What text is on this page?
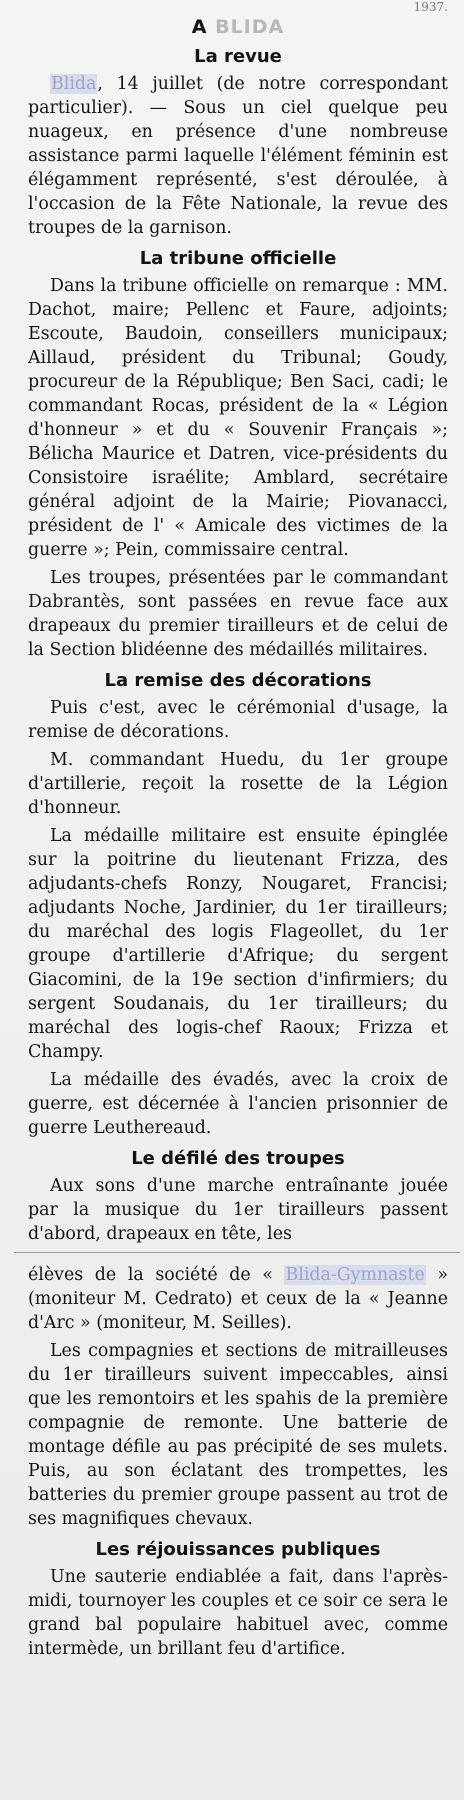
1937.
A BLIDA
La revue

Blida, 14 juillet (de notre correspondant particulier). — Sous un ciel quelque peu nuageux, en présence d'une nombreuse assistance parmi laquelle l'élément féminin est élégamment représenté, s'est déroulée, à l'occasion de la Fête Nationale, la revue des troupes de la garnison.

La tribune officielle

Dans la tribune officielle on remarque : MM. Dachot, maire; Pellenc et Faure, adjoints; Escoute, Baudoin, conseillers municipaux; Aillaud, président du Tribunal; Goudy, procureur de la République; Ben Saci, cadi; le commandant Rocas, président de la « Légion d'honneur » et du « Souvenir Français »; Bélicha Maurice et Datren, vice-présidents du Consistoire israélite; Amblard, secrétaire général adjoint de la Mairie; Piovanacci, président de l' « Amicale des victimes de la guerre »; Pein, commissaire central.

Les troupes, présentées par le commandant Dabrantès, sont passées en revue face aux drapeaux du premier tirailleurs et de celui de la Section blidéenne des médaillés militaires.

La remise des décorations

Puis c'est, avec le cérémonial d'usage, la remise de décorations.

M. commandant Huedu, du 1er groupe d'artillerie, reçoit la rosette de la Légion d'honneur.

La médaille militaire est ensuite épinglée sur la poitrine du lieutenant Frizza, des adjudants-chefs Ronzy, Nougaret, Francisi; adjudants Noche, Jardinier, du 1er tirailleurs; du maréchal des logis Flageollet, du 1er groupe d'artillerie d'Afrique; du sergent Giacomini, de la 19e section d'infirmiers; du sergent Soudanais, du 1er tirailleurs; du maréchal des logis-chef Raoux; Frizza et Champy.

La médaille des évadés, avec la croix de guerre, est décernée à l'ancien prisonnier de guerre Leuthereaud.

Le défilé des troupes

Aux sons d'une marche entraînante jouée par la musique du 1er tirailleurs passent d'abord, drapeaux en tête, les

élèves de la société de « Blida-Gymnaste » (moniteur M. Cedrato) et ceux de la « Jeanne d'Arc » (moniteur, M. Seilles).

Les compagnies et sections de mitrailleuses du 1er tirailleurs suivent impeccables, ainsi que les remontoirs et les spahis de la première compagnie de remonte. Une batterie de montage défile au pas précipité de ses mulets. Puis, au son éclatant des trompettes, les batteries du premier groupe passent au trot de ses magnifiques chevaux.

Les réjouissances publiques

Une sauterie endiablée a fait, dans l'après-midi, tournoyer les couples et ce soir ce sera le grand bal populaire habituel avec, comme intermède, un brillant feu d'artifice.
